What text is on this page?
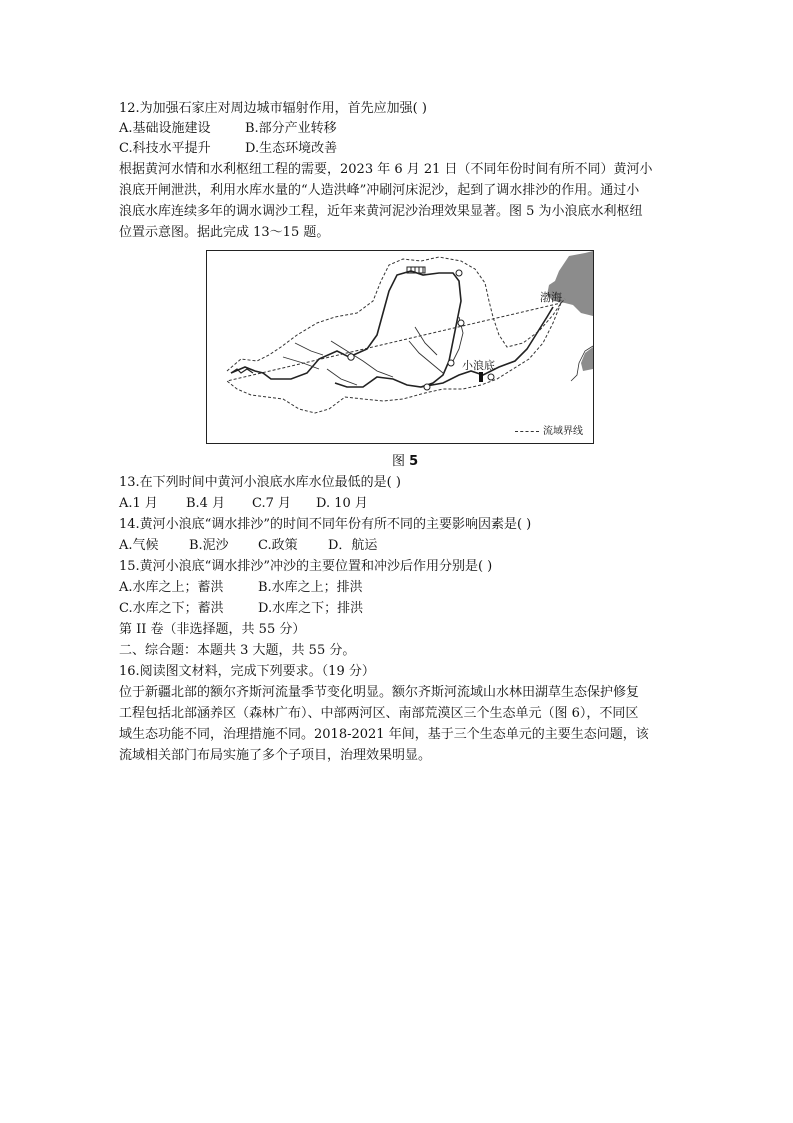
12.为加强石家庄对周边城市辐射作用，首先应加强( )
A.基础设施建设	B.部分产业转移
C.科技水平提升	D.生态环境改善
根据黄河水情和水利枢纽工程的需要，2023 年 6 月 21 日（不同年份时间有所不同）黄河小
浪底开闸泄洪，利用水库水量的“人造洪峰”冲刷河床泥沙，起到了调水排沙的作用。通过小
浪底水库连续多年的调水调沙工程，近年来黄河泥沙治理效果显著。图 5 为小浪底水利枢纽
位置示意图。据此完成 13～15 题。
渤海
小浪底
流域界线
图 5
13.在下列时间中黄河小浪底水库水位最低的是( )
A.1 月 B.4 月 C.7 月 D. 10 月
14.黄河小浪底“调水排沙”的时间不同年份有所不同的主要影响因素是( )
A.气候 B.泥沙 C.政策 D．航运
15.黄河小浪底“调水排沙”冲沙的主要位置和冲沙后作用分别是( )
A.水库之上；蓄洪	B.水库之上；排洪
C.水库之下；蓄洪	D.水库之下；排洪
第 II 卷（非选择题，共 55 分）
二、综合题：本题共 3 大题，共 55 分。
16.阅读图文材料，完成下列要求。（19 分）
位于新疆北部的额尔齐斯河流量季节变化明显。额尔齐斯河流域山水林田湖草生态保护修复
工程包括北部涵养区（森林广布）、中部两河区、南部荒漠区三个生态单元（图 6），不同区
域生态功能不同，治理措施不同。2018-2021 年间，基于三个生态单元的主要生态问题，该
流域相关部门布局实施了多个子项目，治理效果明显。
